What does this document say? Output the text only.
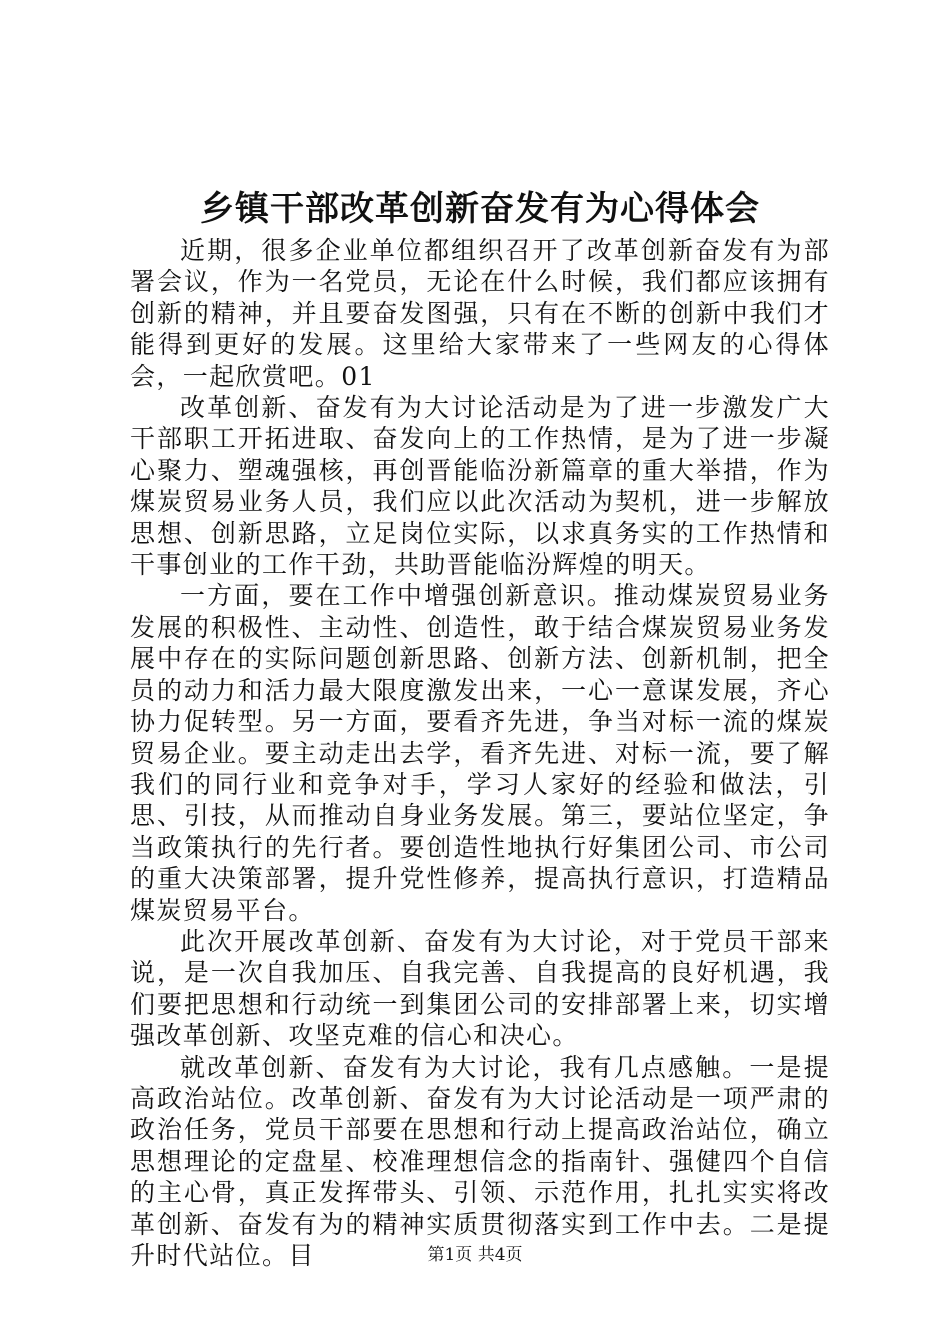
乡镇干部改革创新奋发有为心得体会

近期，很多企业单位都组织召开了改革创新奋发有为部署会议，作为一名党员，无论在什么时候，我们都应该拥有创新的精神，并且要奋发图强，只有在不断的创新中我们才能得到更好的发展。这里给大家带来了一些网友的心得体会，一起欣赏吧。01

改革创新、奋发有为大讨论活动是为了进一步激发广大干部职工开拓进取、奋发向上的工作热情，是为了进一步凝心聚力、塑魂强核，再创晋能临汾新篇章的重大举措，作为煤炭贸易业务人员，我们应以此次活动为契机，进一步解放思想、创新思路，立足岗位实际，以求真务实的工作热情和干事创业的工作干劲，共助晋能临汾辉煌的明天。

一方面，要在工作中增强创新意识。推动煤炭贸易业务发展的积极性、主动性、创造性，敢于结合煤炭贸易业务发展中存在的实际问题创新思路、创新方法、创新机制，把全员的动力和活力最大限度激发出来，一心一意谋发展，齐心协力促转型。另一方面，要看齐先进，争当对标一流的煤炭贸易企业。要主动走出去学，看齐先进、对标一流，要了解我们的同行业和竞争对手，学习人家好的经验和做法，引思、引技，从而推动自身业务发展。第三，要站位坚定，争当政策执行的先行者。要创造性地执行好集团公司、市公司的重大决策部署，提升党性修养，提高执行意识，打造精品煤炭贸易平台。

此次开展改革创新、奋发有为大讨论，对于党员干部来说，是一次自我加压、自我完善、自我提高的良好机遇，我们要把思想和行动统一到集团公司的安排部署上来，切实增强改革创新、攻坚克难的信心和决心。

就改革创新、奋发有为大讨论，我有几点感触。一是提高政治站位。改革创新、奋发有为大讨论活动是一项严肃的政治任务，党员干部要在思想和行动上提高政治站位，确立思想理论的定盘星、校准理想信念的指南针、强健四个自信的主心骨，真正发挥带头、引领、示范作用，扎扎实实将改革创新、奋发有为的精神实质贯彻落实到工作中去。二是提升时代站位。目	第1页 共4页
